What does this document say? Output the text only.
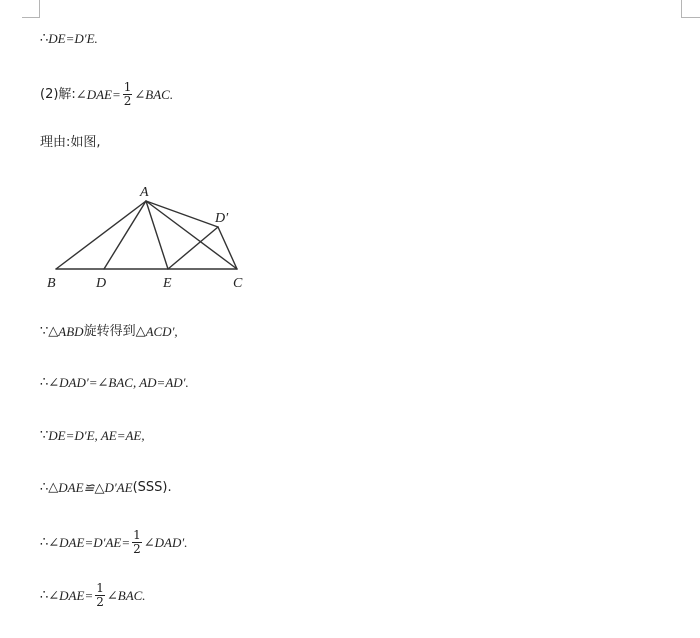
∴ DE=D′E.
(2)解: ∠DAE= $\frac{1}{2}$ ∠BAC.
理由:如图,
A
D′
B	D	E	C
∵△ ABD 旋转得到△ ACD′,
∴ ∠DAD′=∠BAC, AD=AD′.
∵ DE=D′E, AE=AE,
∴△ DAE≌△D′AE (SSS).
∴ ∠DAE=D′AE= $\frac{1}{2}$ ∠DAD′.
∴ ∠DAE= $\frac{1}{2}$ ∠BAC.
